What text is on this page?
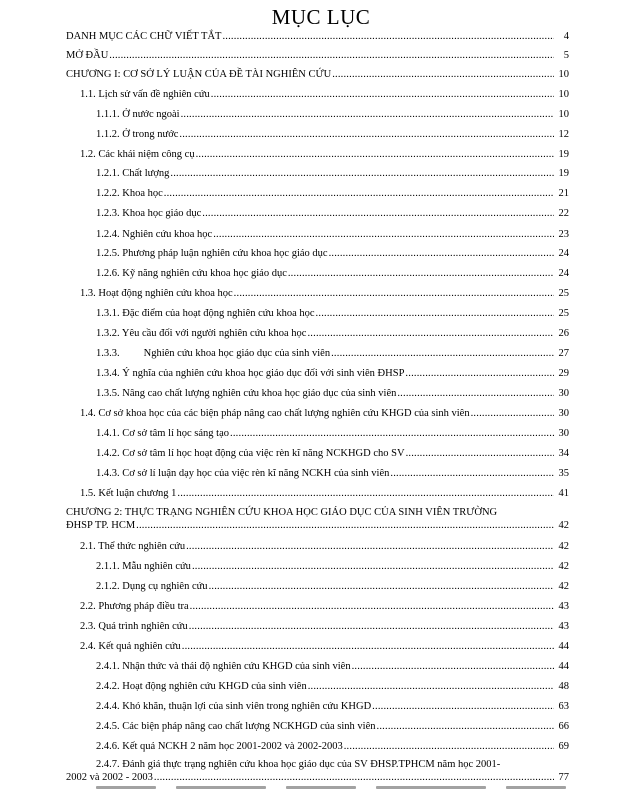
MỤC LỤC
DANH MỤC CÁC CHỮ VIẾT TẮT .....	4
MỞ ĐẦU .....	5
CHƯƠNG I: CƠ SỞ LÝ LUẬN CỦA ĐỀ TÀI NGHIÊN CỨU .....	10
1.1. Lịch sử vấn đề nghiên cứu .....	10
1.1.1. Ở nước ngoài .....	10
1.1.2. Ở trong nước .....	12
1.2. Các khái niệm công cụ .....	19
1.2.1. Chất lượng .....	19
1.2.2. Khoa học .....	21
1.2.3. Khoa học giáo dục .....	22
1.2.4. Nghiên cứu khoa học .....	23
1.2.5. Phương pháp luận nghiên cứu khoa học giáo dục .....	24
1.2.6. Kỹ năng nghiên cứu khoa học giáo dục .....	24
1.3. Hoạt động nghiên cứu khoa học .....	25
1.3.1. Đặc điểm của hoạt động nghiên cứu khoa học .....	25
1.3.2. Yêu cầu đối với người nghiên cứu khoa học .....	26
1.3.3. Nghiên cứu khoa học giáo dục của sinh viên .....	27
1.3.4. Ý nghĩa của nghiên cứu khoa học giáo dục đối với sinh viên ĐHSP .....	29
1.3.5. Nâng cao chất lượng nghiên cứu khoa học giáo dục của sinh viên .....	30
1.4. Cơ sở khoa học của các biện pháp nâng cao chất lượng nghiên cứu KHGD của sinh viên .....	30
1.4.1. Cơ sở tâm lí học sáng tạo .....	30
1.4.2. Cơ sở tâm lí học hoạt động của việc rèn kĩ năng NCKHGD cho SV .....	34
1.4.3. Cơ sở lí luận dạy học của việc rèn kĩ năng NCKH của sinh viên .....	35
1.5. Kết luận chương 1 .....	41
CHƯƠNG 2: THỰC TRẠNG NGHIÊN CỨU KHOA HỌC GIÁO DỤC CỦA SINH VIÊN TRƯỜNG
ĐHSP TP. HCM .....	42
2.1. Thể thức nghiên cứu .....	42
2.1.1. Mẫu nghiên cứu .....	42
2.1.2. Dụng cụ nghiên cứu .....	42
2.2. Phương pháp điều tra .....	43
2.3. Quá trình nghiên cứu .....	43
2.4. Kết quả nghiên cứu .....	44
2.4.1. Nhận thức và thái độ nghiên cứu KHGD của sinh viên .....	44
2.4.2. Hoạt động nghiên cứu KHGD của sinh viên .....	48
2.4.4. Khó khăn, thuận lợi của sinh viên trong nghiên cứu KHGD .....	63
2.4.5. Các biện pháp nâng cao chất lượng NCKHGD của sinh viên .....	66
2.4.6. Kết quả NCKH 2 năm học 2001-2002 và 2002-2003 .....	69
2.4.7. Đánh giá thực trạng nghiên cứu khoa học giáo dục của SV ĐHSP.TPHCM năm học 2001-
2002 và 2002 - 2003 .....	77
